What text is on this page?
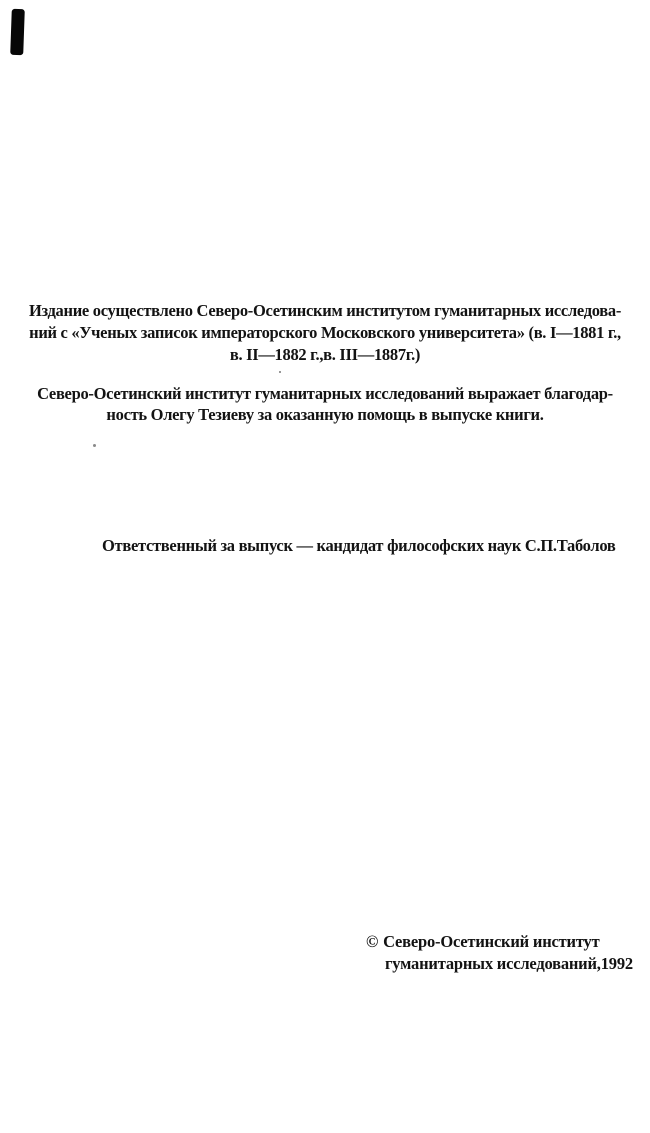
Издание осуществлено Северо-Осетинским институтом гуманитарных исследова-
ний с «Ученых записок императорского Московского университета» (в. I—1881 г.,
в. II—1882 г.,в. III—1887г.)
Северо-Осетинский институт гуманитарных исследований выражает благодар-
ность Олегу Тезиеву за оказанную помощь в выпуске книги.
Ответственный за выпуск — кандидат философских наук С.П.Таболов
© Северо-Осетинский институт
гуманитарных исследований,1992
